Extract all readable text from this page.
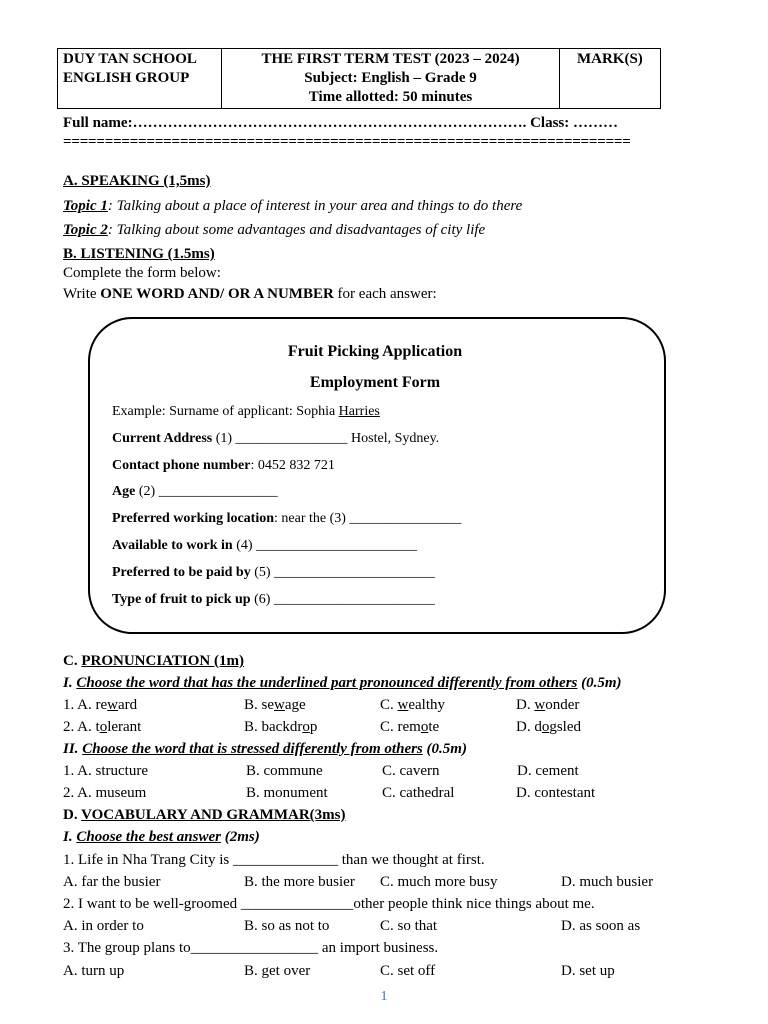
DUY TAN SCHOOL
ENGLISH GROUP

THE FIRST TERM TEST (2023 – 2024)
Subject: English – Grade 9
Time allotted: 50 minutes

MARK(S)
Full name:……………………………………………………………………. Class: ………
====================================================================
A. SPEAKING (1,5ms)
Topic 1: Talking about a place of interest in your area and things to do there
Topic 2: Talking about some advantages and disadvantages of city life
B. LISTENING (1.5ms)
Complete the form below:
Write ONE WORD AND/ OR A NUMBER for each answer:
Fruit Picking Application
Employment Form
Example: Surname of applicant: Sophia Harries
Current Address (1) ________________ Hostel, Sydney.
Contact phone number: 0452 832 721
Age (2) _________________
Preferred working location: near the (3) ________________
Available to work in (4) _______________________
Preferred to be paid by (5) _______________________
Type of fruit to pick up (6) _______________________
C. PRONUNCIATION (1m)
I. Choose the word that has the underlined part pronounced differently from others (0.5m)
1. A. reward	B. sewage	C. wealthy	D. wonder
2. A. tolerant	B. backdrop	C. remote	D. dogsled
II. Choose the word that is stressed differently from others (0.5m)
1. A. structure	B. commune	C. cavern	D. cement
2. A. museum	B. monument	C. cathedral	D. contestant
D. VOCABULARY AND GRAMMAR(3ms)
I. Choose the best answer (2ms)
1. Life in Nha Trang City is ______________ than we thought at first.
A. far the busier	B. the more busier C. much more busy	D. much busier
2. I want to be well-groomed _______________other people think nice things about me.
A. in order to	B. so as not to	C. so that	D. as soon as
3. The group plans to_________________ an import business.
A. turn up	B. get over	C. set off	D. set up
1
